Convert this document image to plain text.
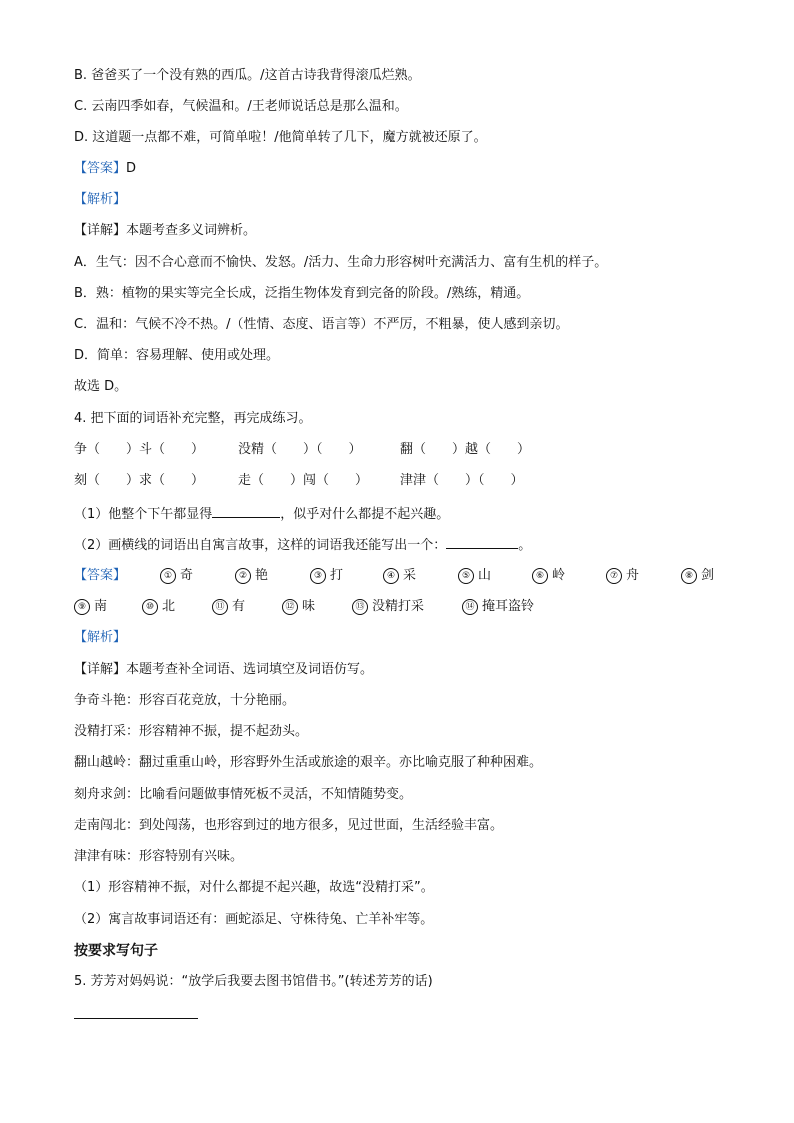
B. 爸爸买了一个没有熟的西瓜。/这首古诗我背得滚瓜烂熟。
C. 云南四季如春，气候温和。/王老师说话总是那么温和。
D. 这道题一点都不难，可简单啦！/他简单转了几下，魔方就被还原了。
【答案】D
【解析】
【详解】本题考查多义词辨析。
A．生气：因不合心意而不愉快、发怒。/活力、生命力形容树叶充满活力、富有生机的样子。
B．熟：植物的果实等完全长成，泛指生物体发育到完备的阶段。/熟练，精通。
C．温和：气候不冷不热。/（性情、态度、语言等）不严厉，不粗暴，使人感到亲切。
D．简单：容易理解、使用或处理。
故选 D。
4. 把下面的词语补充完整，再完成练习。
争（　　）斗（　　）	没精（　　）（　　）	翻（　　）越（　　）
刻（　　）求（　　）	走（　　）闯（　　） 津津（　　）（　　）
（1）他整个下午都显得	，似乎对什么都提不起兴趣。
（2）画横线的词语出自寓言故事，这样的词语我还能写出一个：	。
【答案】	① 奇	② 艳	③ 打	④ 采	⑤ 山	⑥ 岭	⑦ 舟	⑧ 剑
⑨ 南	⑩ 北	⑪ 有	⑫ 味	⑬ 没精打采	⑭ 掩耳盗铃
【解析】
【详解】本题考查补全词语、选词填空及词语仿写。
争奇斗艳：形容百花竞放，十分艳丽。
没精打采：形容精神不振，提不起劲头。
翻山越岭：翻过重重山岭，形容野外生活或旅途的艰辛。亦比喻克服了种种困难。
刻舟求剑：比喻看问题做事情死板不灵活，不知情随势变。
走南闯北：到处闯荡，也形容到过的地方很多，见过世面，生活经验丰富。
津津有味：形容特别有兴味。
（1）形容精神不振，对什么都提不起兴趣，故选“没精打采”。
（2）寓言故事词语还有：画蛇添足、守株待兔、亡羊补牢等。
按要求写句子
5. 芳芳对妈妈说：“放学后我要去图书馆借书。”(转述芳芳的话)
